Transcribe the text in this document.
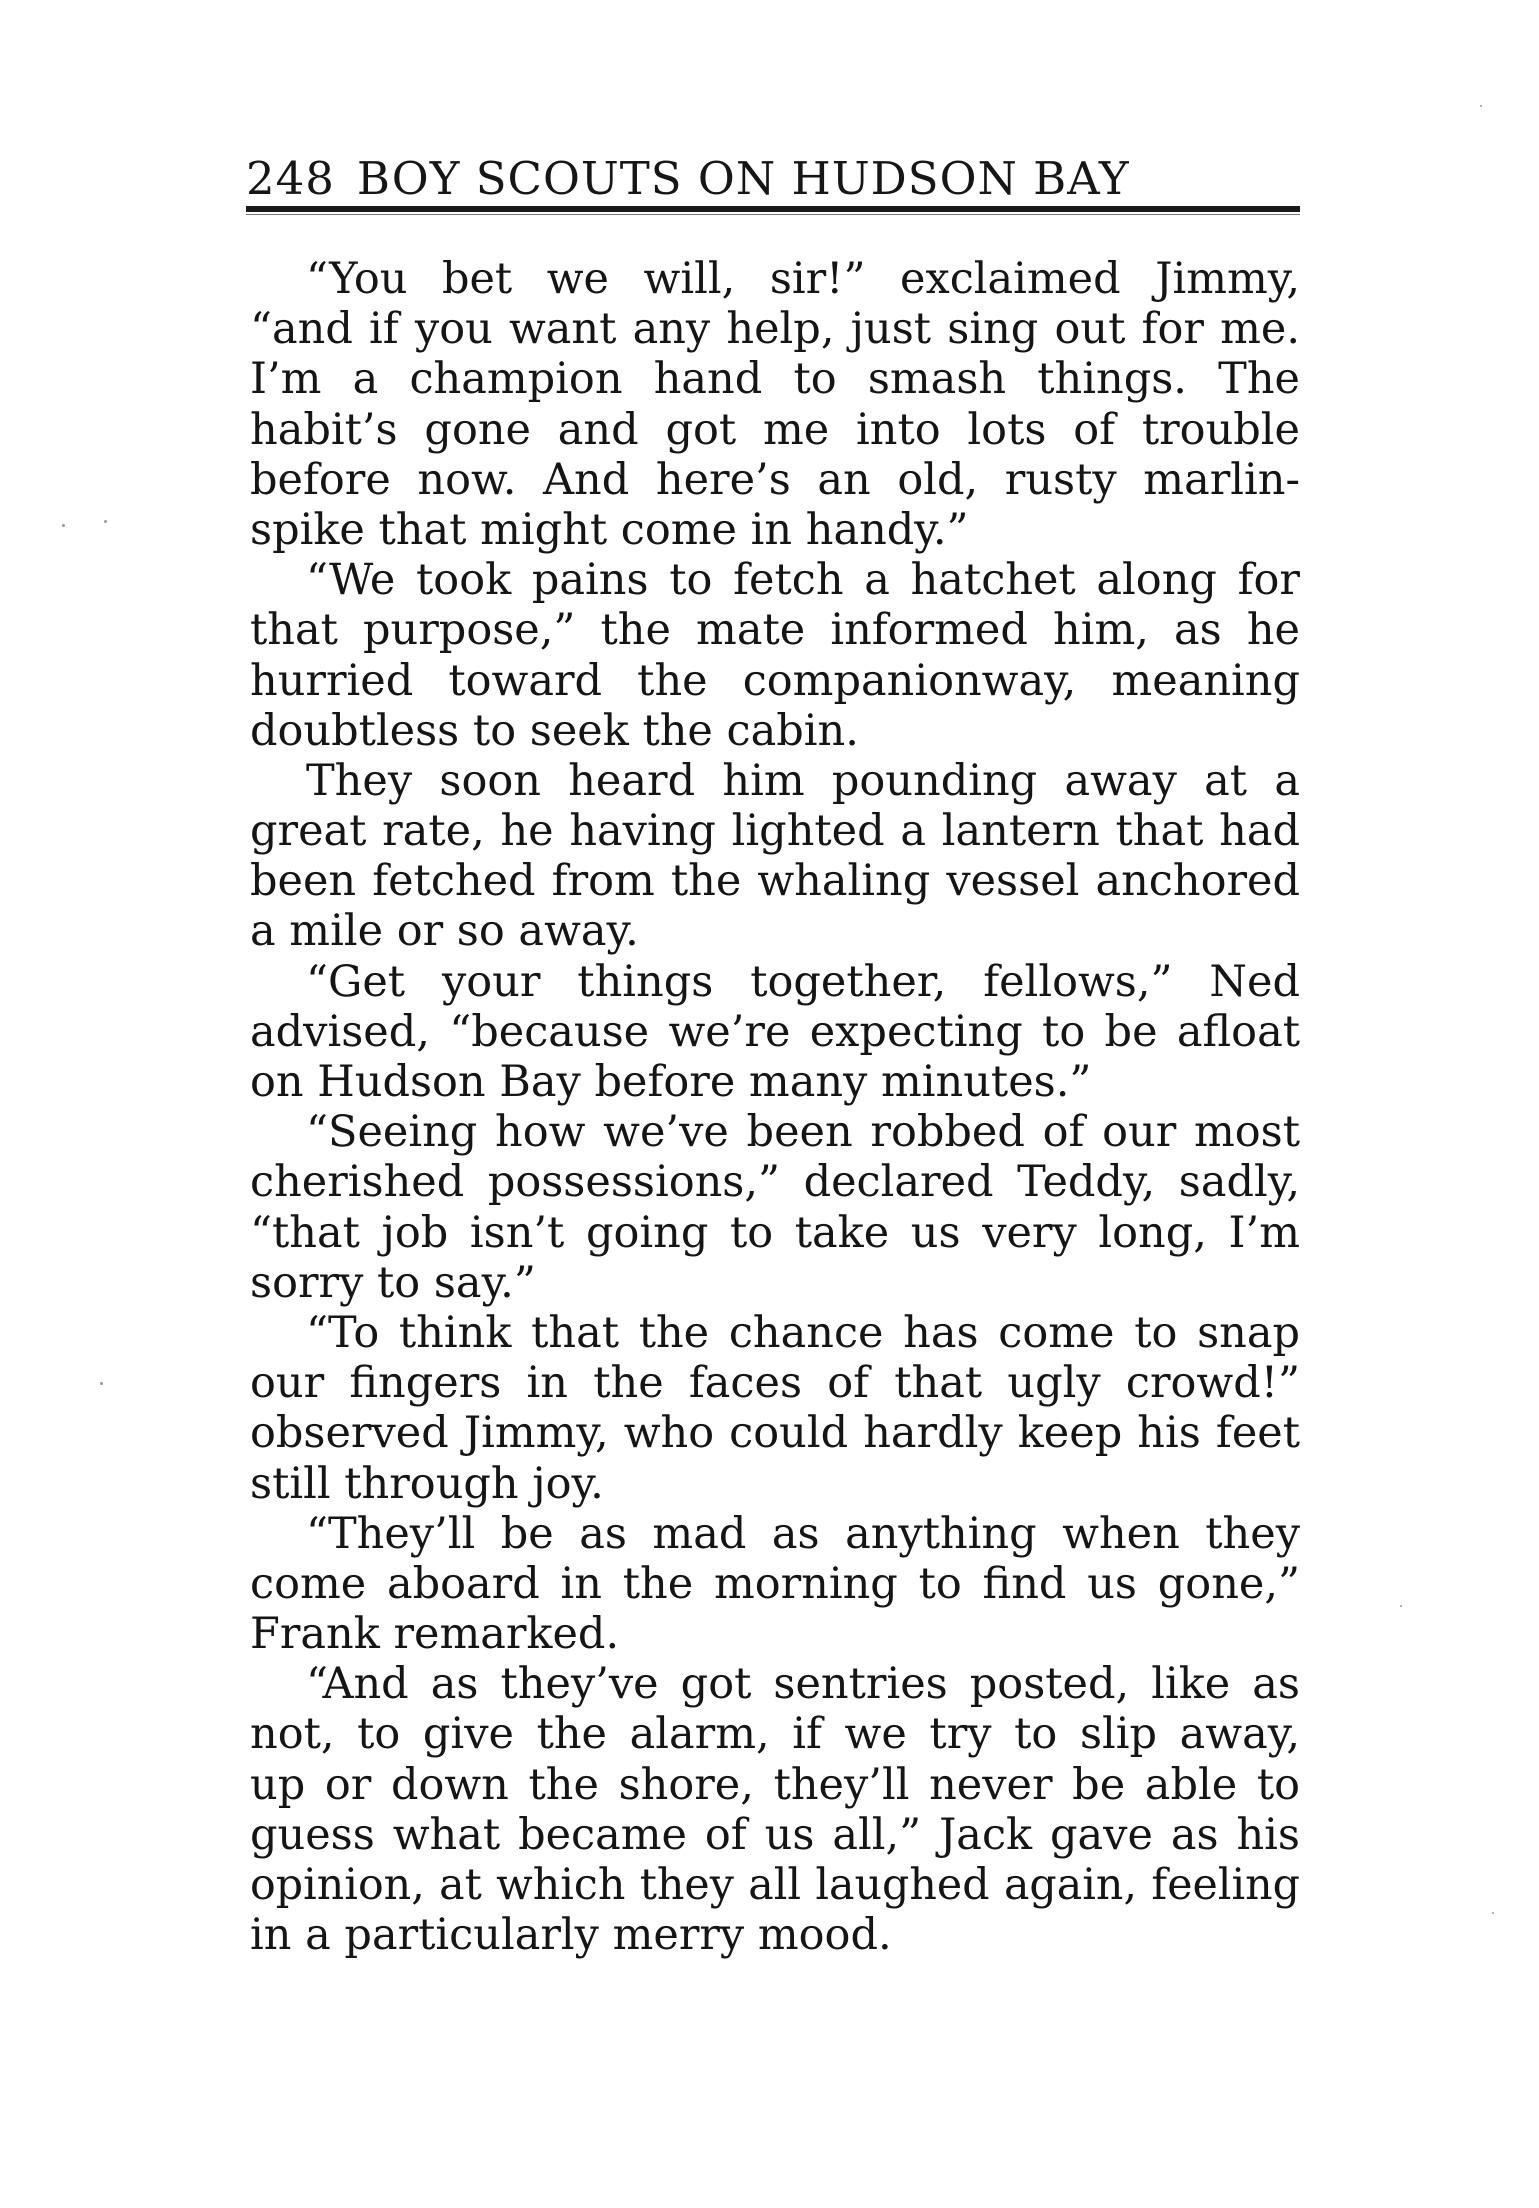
248 BOY SCOUTS ON HUDSON BAY
“You bet we will, sir!” exclaimed Jimmy,
“and if you want any help, just sing out for me.
I’m a champion hand to smash things. The
habit’s gone and got me into lots of trouble
before now. And here’s an old, rusty marlin-
spike that might come in handy.”
“We took pains to fetch a hatchet along for
that purpose,” the mate informed him, as he
hurried toward the companionway, meaning
doubtless to seek the cabin.
They soon heard him pounding away at a
great rate, he having lighted a lantern that had
been fetched from the whaling vessel anchored
a mile or so away.
“Get your things together, fellows,” Ned
advised, “because we’re expecting to be afloat
on Hudson Bay before many minutes.”
“Seeing how we’ve been robbed of our most
cherished possessions,” declared Teddy, sadly,
“that job isn’t going to take us very long, I’m
sorry to say.”
“To think that the chance has come to snap
our fingers in the faces of that ugly crowd!”
observed Jimmy, who could hardly keep his feet
still through joy.
“They’ll be as mad as anything when they
come aboard in the morning to find us gone,”
Frank remarked.
“And as they’ve got sentries posted, like as
not, to give the alarm, if we try to slip away,
up or down the shore, they’ll never be able to
guess what became of us all,” Jack gave as his
opinion, at which they all laughed again, feeling
in a particularly merry mood.
